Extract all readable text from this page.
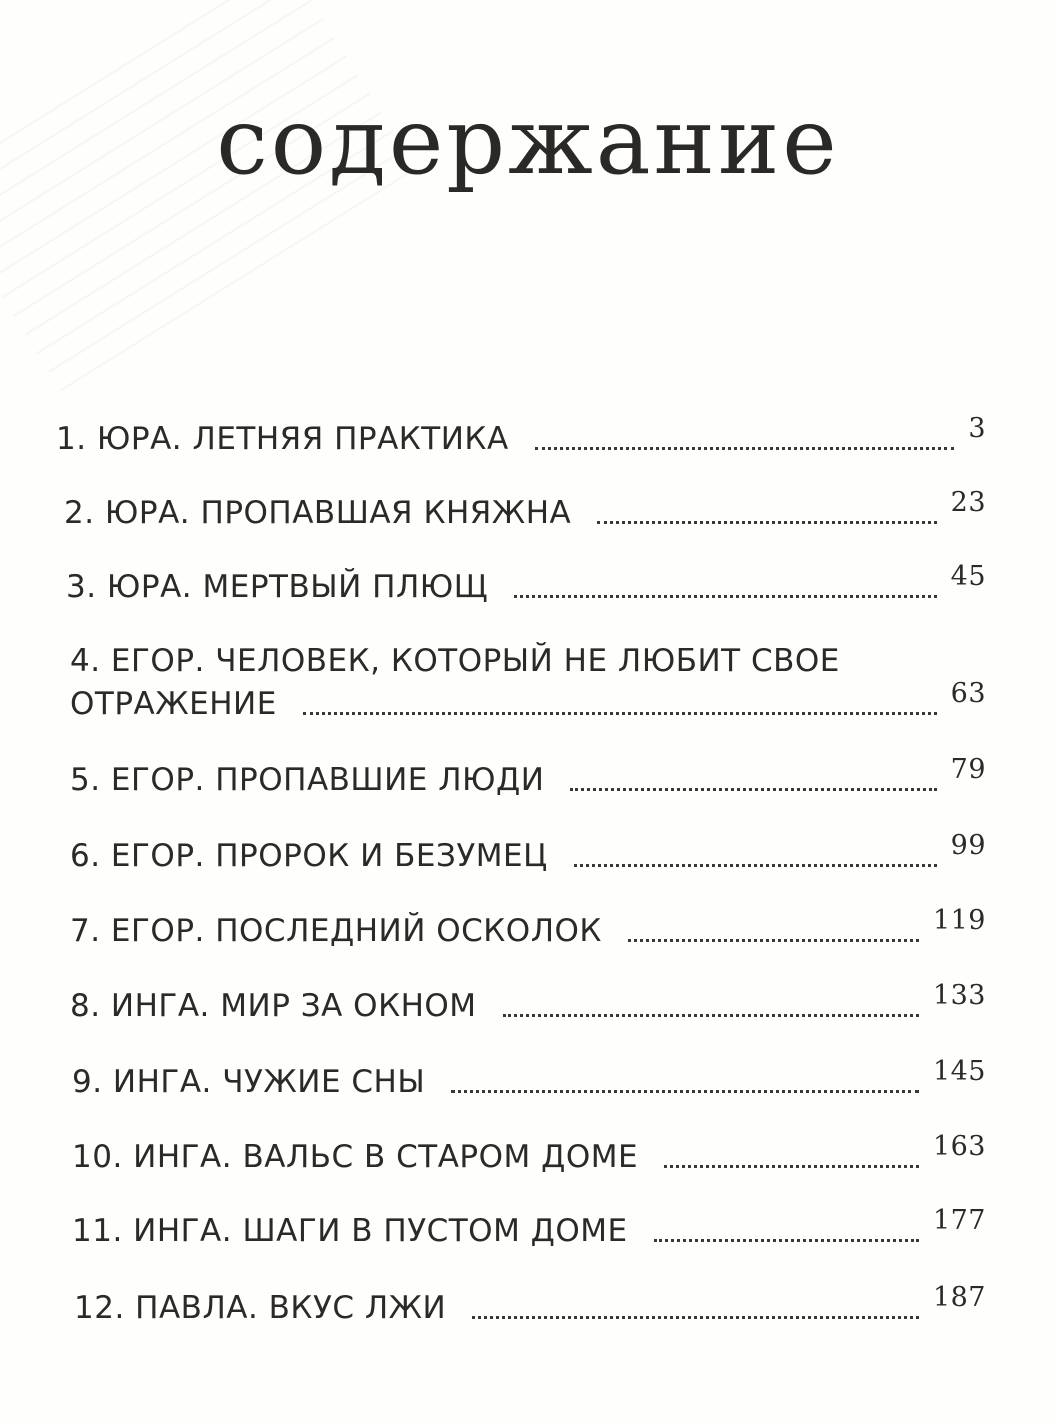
содержание
1. ЮРА. ЛЕТНЯЯ ПРАКТИКА	3
2. ЮРА. ПРОПАВШАЯ КНЯЖНА	23
3. ЮРА. МЕРТВЫЙ ПЛЮЩ	45
4. ЕГОР. ЧЕЛОВЕК, КОТОРЫЙ НЕ ЛЮБИТ СВОЕ
ОТРАЖЕНИЕ	63
5. ЕГОР. ПРОПАВШИЕ ЛЮДИ	79
6. ЕГОР. ПРОРОК И БЕЗУМЕЦ	99
7. ЕГОР. ПОСЛЕДНИЙ ОСКОЛОК	119
8. ИНГА. МИР ЗА ОКНОМ	133
9. ИНГА. ЧУЖИЕ СНЫ	145
10. ИНГА. ВАЛЬС В СТАРОМ ДОМЕ	163
11. ИНГА. ШАГИ В ПУСТОМ ДОМЕ	177
12. ПАВЛА. ВКУС ЛЖИ	187
